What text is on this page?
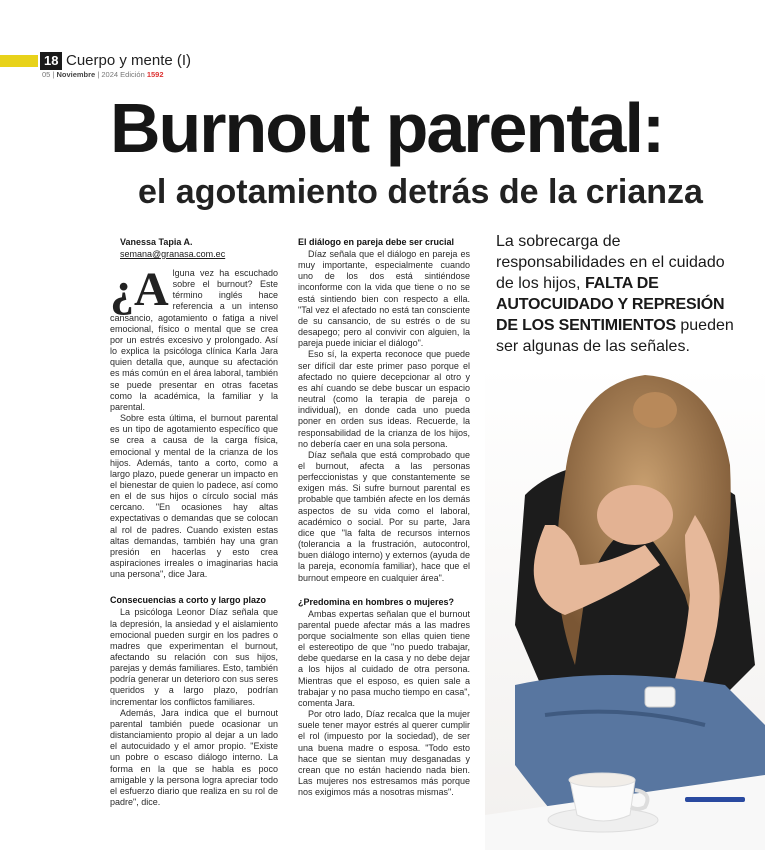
18 Cuerpo y mente (I)
05 | Noviembre | 2024 Edición 1592
Burnout parental:
el agotamiento detrás de la crianza
Vanessa Tapia A.
semana@granasa.com.ec
La sobrecarga de responsabilidades en el cuidado de los hijos, FALTA DE AUTOCUIDADO Y REPRESIÓN DE LOS SENTIMIENTOS pueden ser algunas de las señales.
¿A lguna vez ha escuchado sobre el burnout? Este término inglés hace referencia a un intenso cansancio, agotamiento o fatiga a nivel emocional, físico o mental que se crea por un estrés excesivo y prolongado. Así lo explica la psicóloga clínica Karla Jara quien detalla que, aunque su afectación es más común en el área laboral, también se puede presentar en otras facetas como la académica, la familiar y la parental.

Sobre esta última, el burnout parental es un tipo de agotamiento específico que se crea a causa de la carga física, emocional y mental de la crianza de los hijos. Además, tanto a corto, como a largo plazo, puede generar un impacto en el bienestar de quien lo padece, así como en el de sus hijos o círculo social más cercano. "En ocasiones hay altas expectativas o demandas que se colocan al rol de padres. Cuando existen estas altas demandas, también hay una gran presión en hacerlas y esto crea aspiraciones irreales o imaginarias hacia una persona", dice Jara.

Consecuencias a corto y largo plazo

La psicóloga Leonor Díaz señala que la depresión, la ansiedad y el aislamiento emocional pueden surgir en los padres o madres que experimentan el burnout, afectando su relación con sus hijos, parejas y demás familiares. Esto, también podría generar un deterioro con sus seres queridos y a largo plazo, podrían incrementar los conflictos familiares.

Además, Jara indica que el burnout parental también puede ocasionar un distanciamiento propio al dejar a un lado el autocuidado y el amor propio. "Existe un pobre o escaso diálogo interno. La forma en la que se habla es poco amigable y la persona logra apreciar todo el esfuerzo diario que realiza en su rol de padre", dice.

El diálogo en pareja debe ser crucial

Díaz señala que el diálogo en pareja es muy importante, especialmente cuando uno de los dos está sintiéndose inconforme con la vida que tiene o no se está sintiendo bien con respecto a ella. "Tal vez el afectado no está tan consciente de su cansancio, de su estrés o de su desapego; pero al convivir con alguien, la pareja puede iniciar el diálogo".

Eso sí, la experta reconoce que puede ser difícil dar este primer paso porque el afectado no quiere decepcionar al otro y es ahí cuando se debe buscar un espacio neutral (como la terapia de pareja o individual), en donde cada uno pueda poner en orden sus ideas. Recuerde, la responsabilidad de la crianza de los hijos, no debería caer en una sola persona.

Díaz señala que está comprobado que el burnout, afecta a las personas perfeccionistas y que constantemente se exigen más. Si sufre burnout parental es probable que también afecte en los demás aspectos de su vida como el laboral, académico o social. Por su parte, Jara dice que "la falta de recursos internos (tolerancia a la frustración, autocontrol, buen diálogo interno) y externos (ayuda de la pareja, economía familiar), hace que el burnout empeore en cualquier área".

¿Predomina en hombres o mujeres?

Ambas expertas señalan que el burnout parental puede afectar más a las madres porque socialmente son ellas quien tiene el estereotipo de que "no puedo trabajar, debe quedarse en la casa y no debe dejar a los hijos al cuidado de otra persona. Mientras que el esposo, es quien sale a trabajar y no pasa mucho tiempo en casa", comenta Jara.

Por otro lado, Díaz recalca que la mujer suele tener mayor estrés al querer cumplir el rol (impuesto por la sociedad), de ser una buena madre o esposa. "Todo esto hace que se sientan muy desganadas y crean que no están haciendo nada bien. Las mujeres nos estresamos más porque nos exigimos más a nosotras mismas".
